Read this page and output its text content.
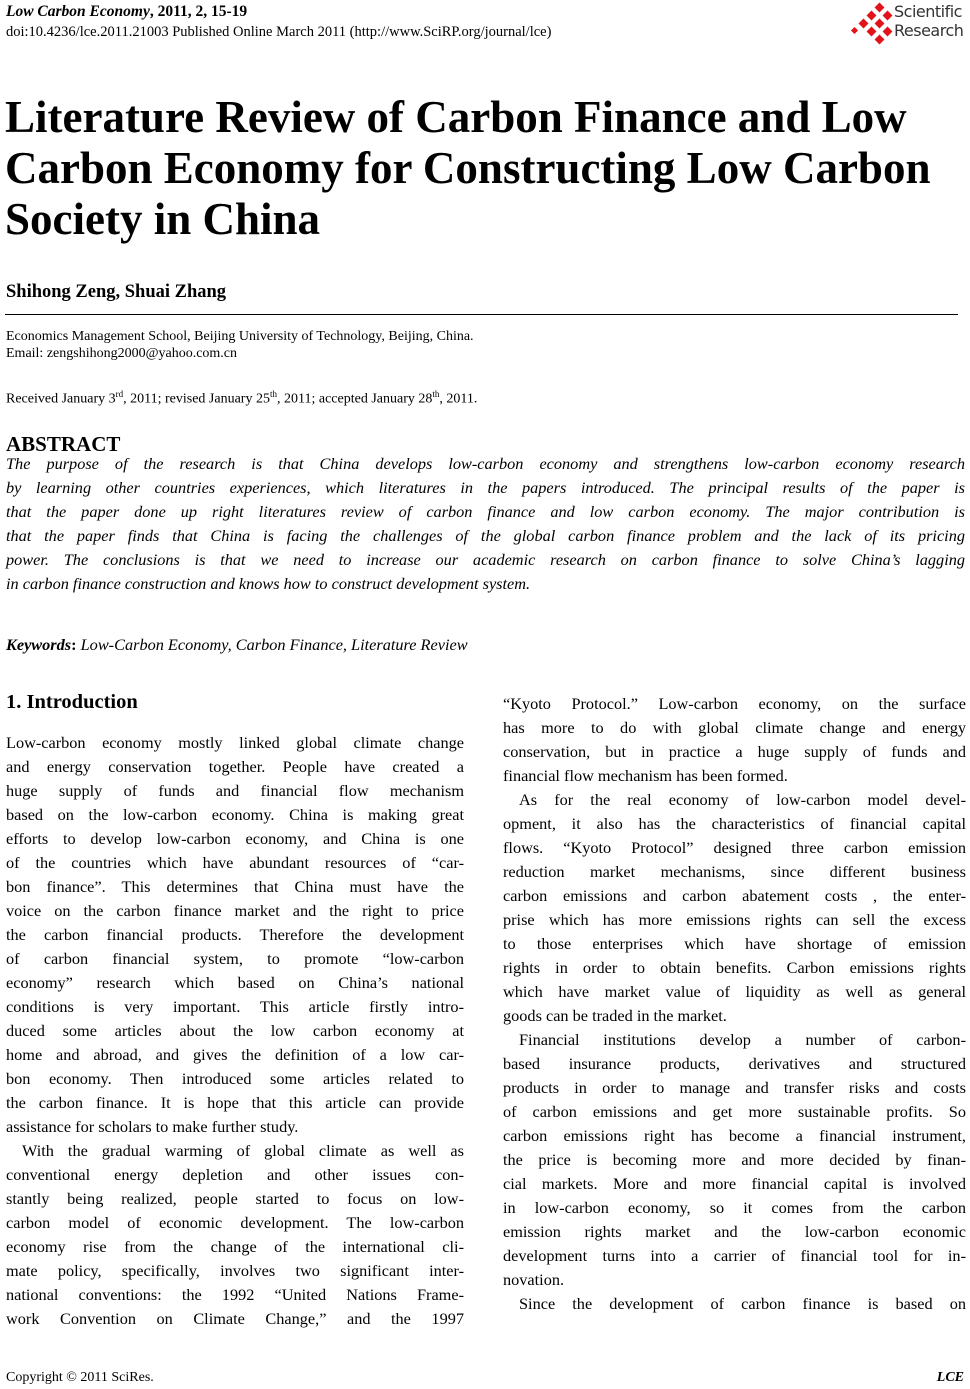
Low Carbon Economy, 2011, 2, 15-19
doi:10.4236/lce.2011.21003 Published Online March 2011 (http://www.SciRP.org/journal/lce)
Scientific
Research
Literature Review of Carbon Finance and Low
Carbon Economy for Constructing Low Carbon
Society in China
Shihong Zeng, Shuai Zhang
Economics Management School, Beijing University of Technology, Beijing, China.
Email: zengshihong2000@yahoo.com.cn
Received January 3rd, 2011; revised January 25th, 2011; accepted January 28th, 2011.
ABSTRACT
The purpose of the research is that China develops low-carbon economy and strengthens low-carbon economy research
by learning other countries experiences, which literatures in the papers introduced. The principal results of the paper is
that the paper done up right literatures review of carbon finance and low carbon economy. The major contribution is
that the paper finds that China is facing the challenges of the global carbon finance problem and the lack of its pricing
power. The conclusions is that we need to increase our academic research on carbon finance to solve China’s lagging
in carbon finance construction and knows how to construct development system.
Keywords: Low-Carbon Economy, Carbon Finance, Literature Review
1. Introduction
Low-carbon economy mostly linked global climate change
and energy conservation together. People have created a
huge supply of funds and financial flow mechanism
based on the low-carbon economy. China is making great
efforts to develop low-carbon economy, and China is one
of the countries which have abundant resources of “car-
bon finance”. This determines that China must have the
voice on the carbon finance market and the right to price
the carbon financial products. Therefore the development
of carbon financial system, to promote “low-carbon
economy” research which based on China’s national
conditions is very important. This article firstly intro-
duced some articles about the low carbon economy at
home and abroad, and gives the definition of a low car-
bon economy. Then introduced some articles related to
the carbon finance. It is hope that this article can provide
assistance for scholars to make further study.
With the gradual warming of global climate as well as
conventional energy depletion and other issues con-
stantly being realized, people started to focus on low-
carbon model of economic development. The low-carbon
economy rise from the change of the international cli-
mate policy, specifically, involves two significant inter-
national conventions: the 1992 “United Nations Frame-
work Convention on Climate Change,” and the 1997
“Kyoto Protocol.” Low-carbon economy, on the surface
has more to do with global climate change and energy
conservation, but in practice a huge supply of funds and
financial flow mechanism has been formed.
As for the real economy of low-carbon model devel-
opment, it also has the characteristics of financial capital
flows. “Kyoto Protocol” designed three carbon emission
reduction market mechanisms, since different business
carbon emissions and carbon abatement costs , the enter-
prise which has more emissions rights can sell the excess
to those enterprises which have shortage of emission
rights in order to obtain benefits. Carbon emissions rights
which have market value of liquidity as well as general
goods can be traded in the market.
Financial institutions develop a number of carbon-
based insurance products, derivatives and structured
products in order to manage and transfer risks and costs
of carbon emissions and get more sustainable profits. So
carbon emissions right has become a financial instrument,
the price is becoming more and more decided by finan-
cial markets. More and more financial capital is involved
in low-carbon economy, so it comes from the carbon
emission rights market and the low-carbon economic
development turns into a carrier of financial tool for in-
novation.
Since the development of carbon finance is based on
Copyright © 2011 SciRes.	LCE
